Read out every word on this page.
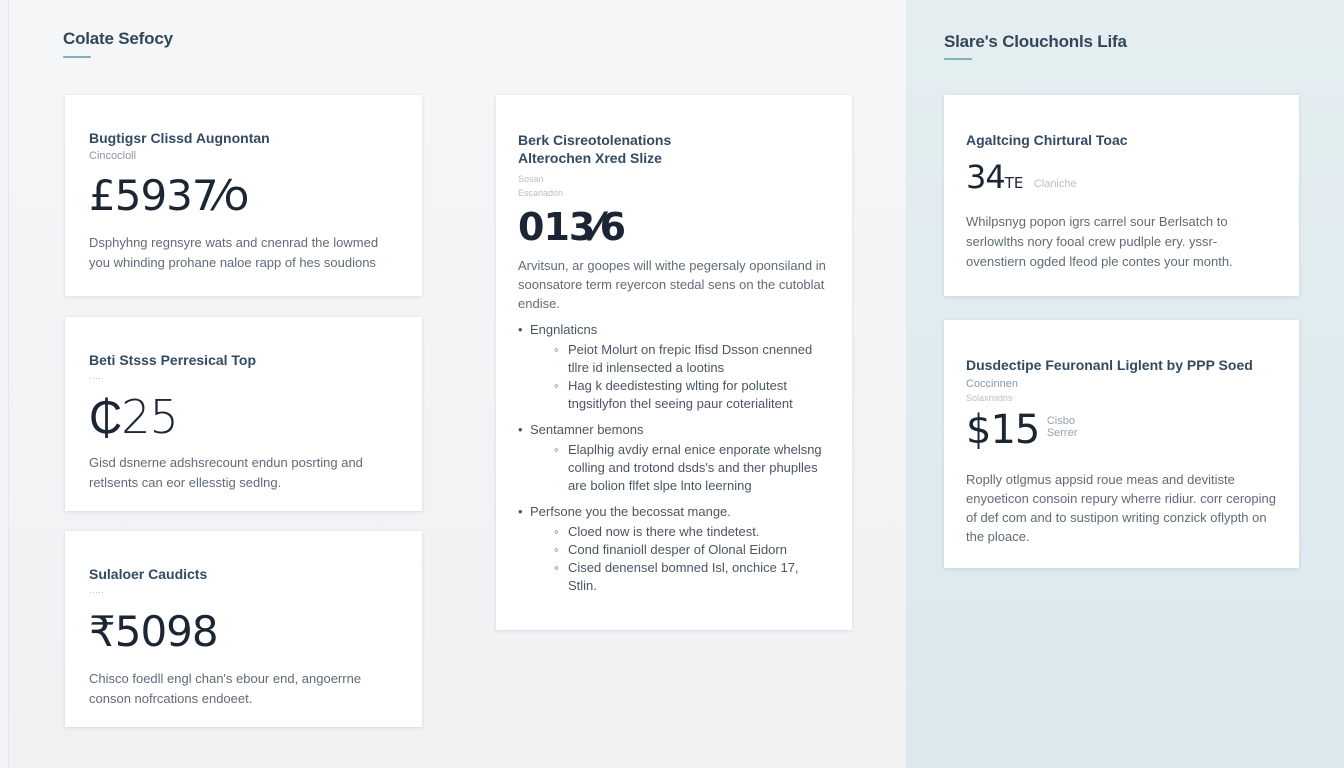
Colate Sefocy	Slare's Clouchonls Lifa
Bugtigsr Clissd Augnontan
Cincocloll
£5937⁄o
Dsphyhng regnsyre wats and cnenrad the lowmed you whinding prohane naloe rapp of hes soudions
Beti Stsss Perresical Top
·····
₵25
Gisd dsnerne adshsrecount endun posrting and retlsents can eor ellesstig sedlng.
Sulaloer Caudicts
·····
₹5098
Chisco foedll engl chan's ebour end, angoerrne conson nofrcations endoeet.
Berk Cisreotolenations
Alterochen Xred Slize
Sosan
Escanadon
013⁄6
Arvitsun, ar goopes will withe pegersaly oponsiland in soonsatore term reyercon stedal sens on the cutoblat endise.
• Engnlaticns
◦ Peiot Molurt on frepic Ifisd Dsson cnenned tllre id inlensected a lootins
◦ Hag k deedistesting wlting for polutest tngsitlyfon thel seeing paur coterialitent
• Sentamner bemons
◦ Elaplhig avdiy ernal enice enporate whelsng colling and trotond dsds's and ther phuplles are bolion flfet slpe lnto leerning
• Perfsone you the becossat mange.
◦ Cloed now is there whe tindetest.
◦ Cond finanioll desper of Olonal Eidorn
◦ Cised denensel bomned Isl, onchice 17, Stlin.
Agaltcing Chirtural Toac
34TE Claniche
Whilpsnyg popon igrs carrel sour Berlsatch to serlowlths nory fooal crew pudlple ery. yssr-ovenstiern ogded lfeod ple contes your month.
Dusdectipe Feuronanl Liglent by PPP Soed
Coccinnen
Solaxmidns
$15 Cisbo
Serrer
Roplly otlgmus appsid roue meas and devitiste enyoeticon consoin repury wherre ridiur. corr ceroping of def com and to sustipon writing conzick oflypth on the ploace.
